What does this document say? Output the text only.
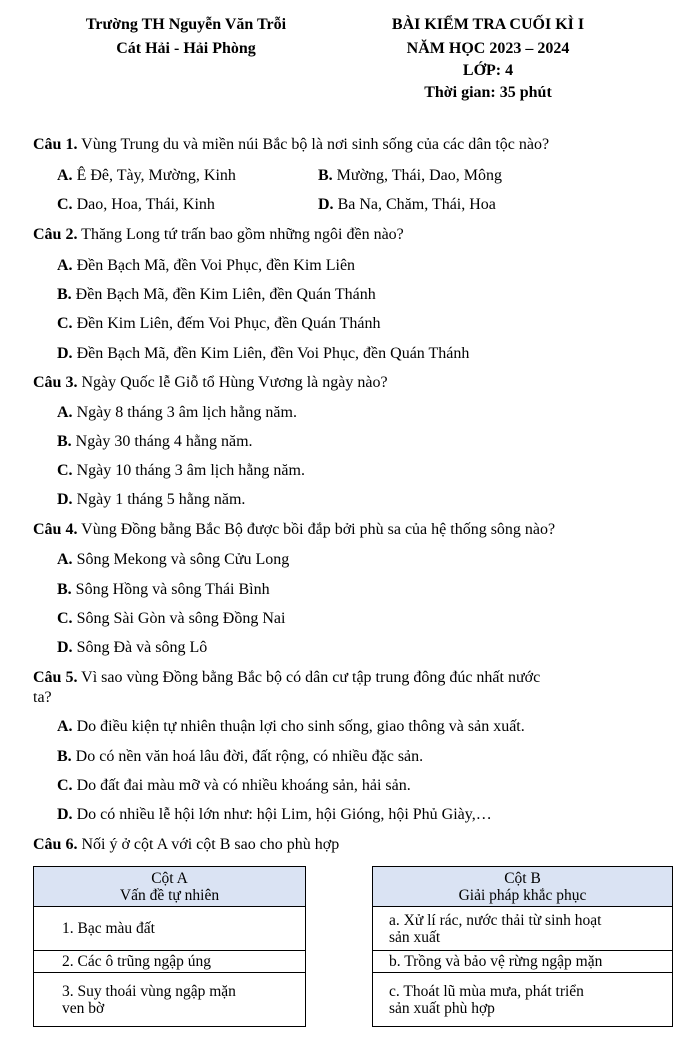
Trường TH Nguyễn Văn Trỗi
Cát Hải - Hải Phòng
BÀI KIỂM TRA CUỐI KÌ I
NĂM HỌC 2023 – 2024
LỚP: 4
Thời gian: 35 phút
Câu 1. Vùng Trung du và miền núi Bắc bộ là nơi sinh sống của các dân tộc nào?
A. Ê Đê, Tày, Mường, Kinh	B. Mường, Thái, Dao, Mông
C. Dao, Hoa, Thái, Kinh	D. Ba Na, Chăm, Thái, Hoa
Câu 2. Thăng Long tứ trấn bao gồm những ngôi đền nào?
A. Đền Bạch Mã, đền Voi Phục, đền Kim Liên
B. Đền Bạch Mã, đền Kim Liên, đền Quán Thánh
C. Đền Kim Liên, đếm Voi Phục, đền Quán Thánh
D. Đền Bạch Mã, đền Kim Liên, đền Voi Phục, đền Quán Thánh
Câu 3. Ngày Quốc lễ Giỗ tổ Hùng Vương là ngày nào?
A. Ngày 8 tháng 3 âm lịch hằng năm.
B. Ngày 30 tháng 4 hằng năm.
C. Ngày 10 tháng 3 âm lịch hằng năm.
D. Ngày 1 tháng 5 hằng năm.
Câu 4. Vùng Đồng bằng Bắc Bộ được bồi đắp bởi phù sa của hệ thống sông nào?
A. Sông Mekong và sông Cửu Long
B. Sông Hồng và sông Thái Bình
C. Sông Sài Gòn và sông Đồng Nai
D. Sông Đà và sông Lô
Câu 5. Vì sao vùng Đồng bằng Bắc bộ có dân cư tập trung đông đúc nhất nước
ta?
A. Do điều kiện tự nhiên thuận lợi cho sinh sống, giao thông và sản xuất.
B. Do có nền văn hoá lâu đời, đất rộng, có nhiều đặc sản.
C. Do đất đai màu mỡ và có nhiều khoáng sản, hải sản.
D. Do có nhiều lễ hội lớn như: hội Lim, hội Gióng, hội Phủ Giày,…
Câu 6. Nối ý ở cột A với cột B sao cho phù hợp
Cột A
Vấn đề tự nhiên

1. Bạc màu đất

2. Các ô trũng ngập úng

3. Suy thoái vùng ngập mặn
ven bờ
Cột B
Giải pháp khắc phục

a. Xử lí rác, nước thải từ sinh hoạt
sản xuất

b. Trồng và bảo vệ rừng ngập mặn

c. Thoát lũ mùa mưa, phát triển
sản xuất phù hợp
